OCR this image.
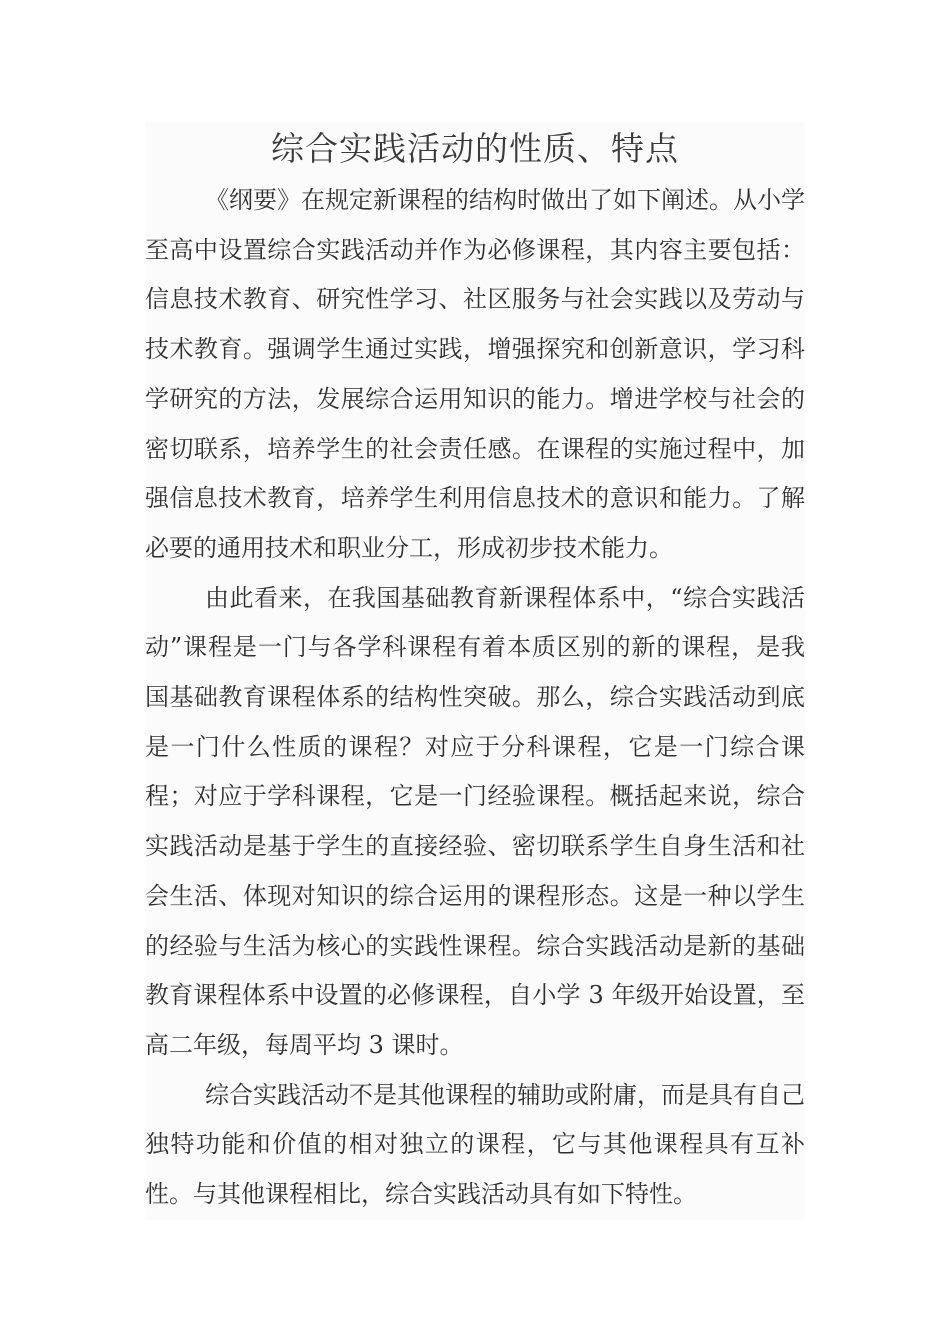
综合实践活动的性质、特点

《纲要》在规定新课程的结构时做出了如下阐述。从小学至高中设置综合实践活动并作为必修课程，其内容主要包括：信息技术教育、研究性学习、社区服务与社会实践以及劳动与技术教育。强调学生通过实践，增强探究和创新意识，学习科学研究的方法，发展综合运用知识的能力。增进学校与社会的密切联系，培养学生的社会责任感。在课程的实施过程中，加强信息技术教育，培养学生利用信息技术的意识和能力。了解必要的通用技术和职业分工，形成初步技术能力。

由此看来，在我国基础教育新课程体系中，“综合实践活动”课程是一门与各学科课程有着本质区别的新的课程，是我国基础教育课程体系的结构性突破。那么，综合实践活动到底是一门什么性质的课程？对应于分科课程，它是一门综合课程；对应于学科课程，它是一门经验课程。概括起来说，综合实践活动是基于学生的直接经验、密切联系学生自身生活和社会生活、体现对知识的综合运用的课程形态。这是一种以学生的经验与生活为核心的实践性课程。综合实践活动是新的基础教育课程体系中设置的必修课程，自小学 3 年级开始设置，至高二年级，每周平均 3 课时。

综合实践活动不是其他课程的辅助或附庸，而是具有自己独特功能和价值的相对独立的课程，它与其他课程具有互补性。与其他课程相比，综合实践活动具有如下特性。
